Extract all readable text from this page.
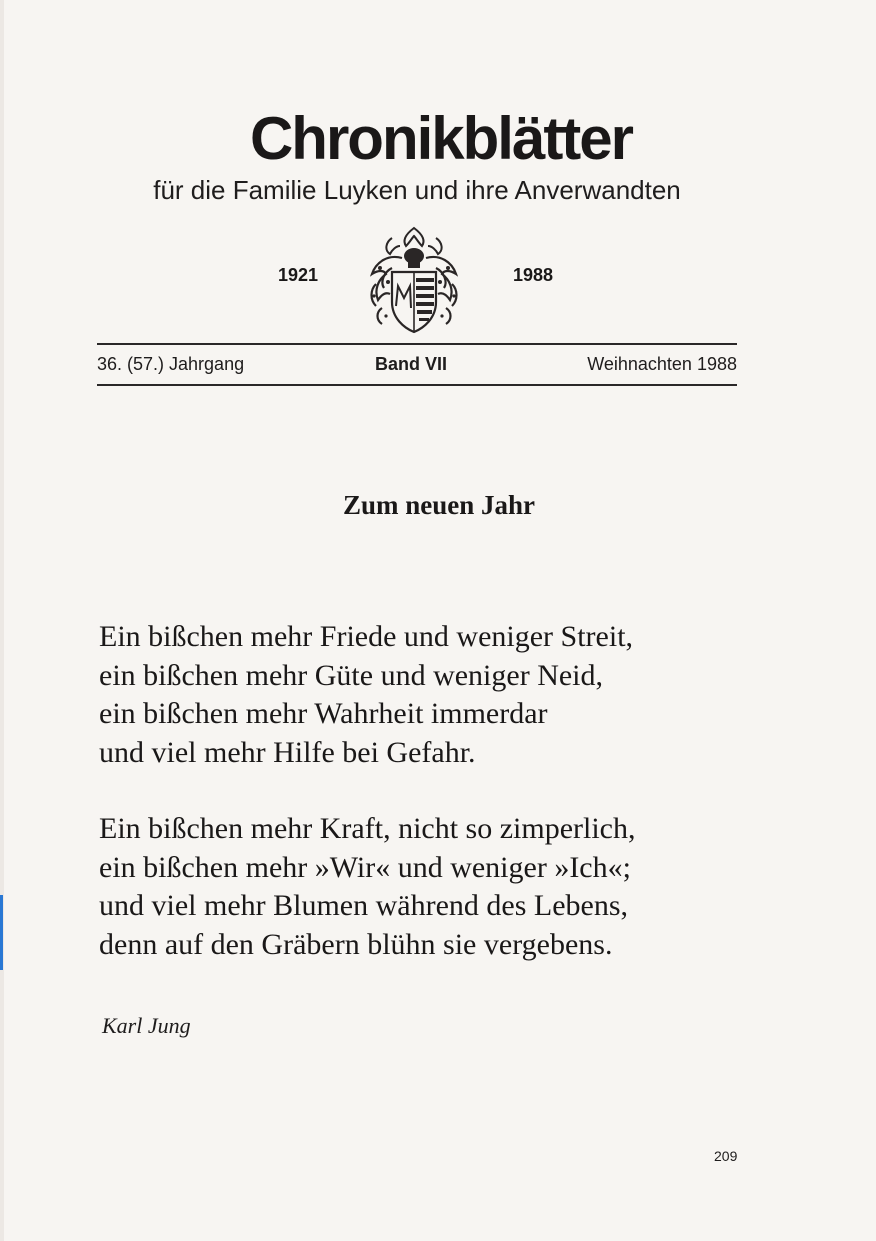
Chronikblätter

für die Familie Luyken und ihre Anverwandten

1921	1988
36. (57.) Jahrgang	Band VII	Weihnachten 1988
Zum neuen Jahr

Ein bißchen mehr Friede und weniger Streit,
ein bißchen mehr Güte und weniger Neid,
ein bißchen mehr Wahrheit immerdar
und viel mehr Hilfe bei Gefahr.

Ein bißchen mehr Kraft, nicht so zimperlich,
ein bißchen mehr »Wir« und weniger »Ich«;
und viel mehr Blumen während des Lebens,
denn auf den Gräbern blühn sie vergebens.

Karl Jung
209
